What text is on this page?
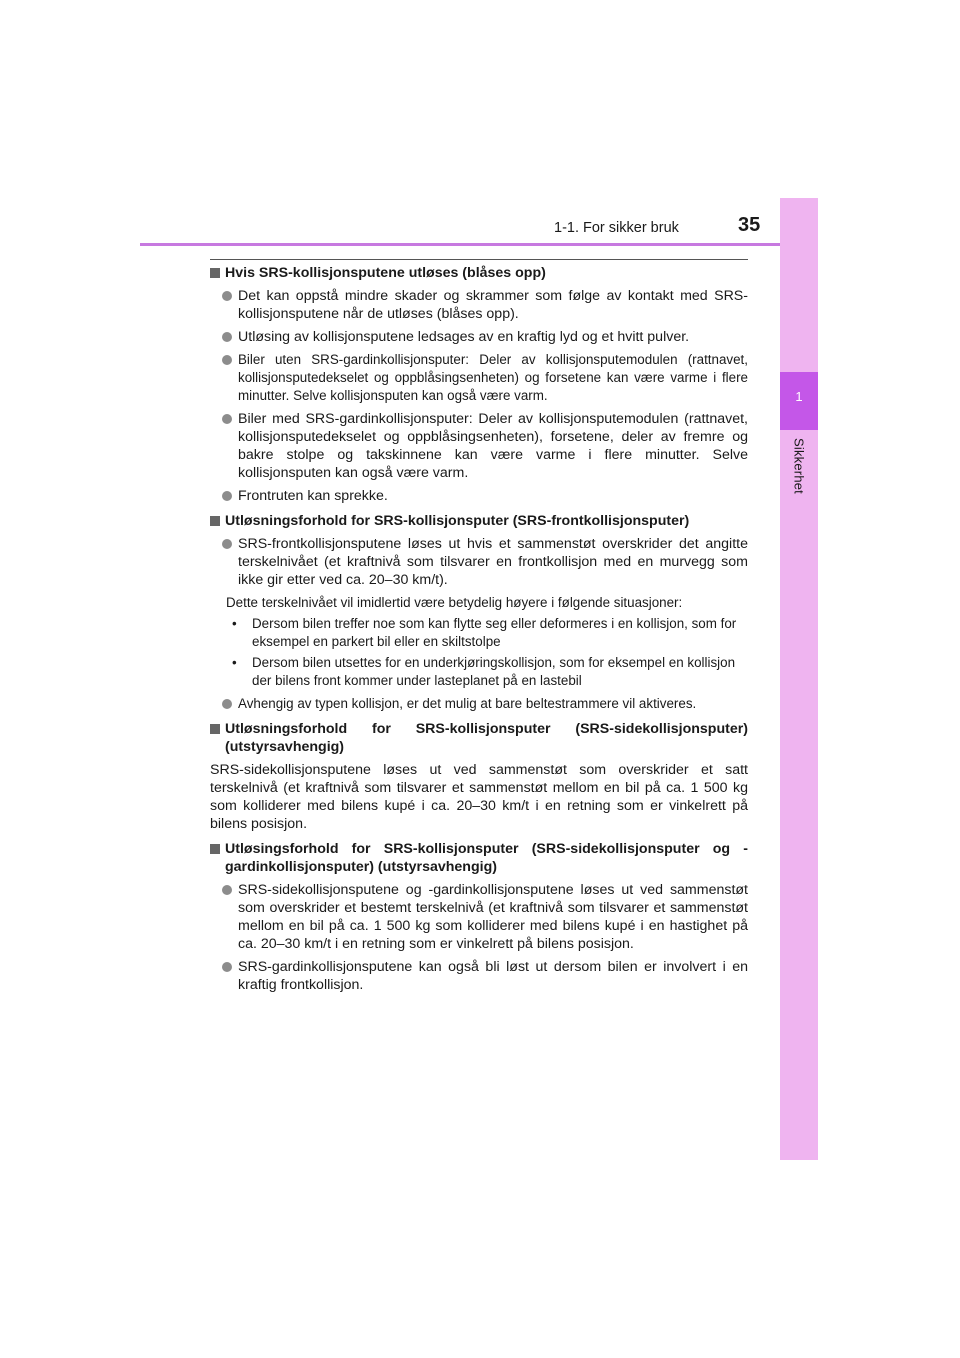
1
Sikkerhet
1-1. For sikker bruk	35
Hvis SRS-kollisjonsputene utløses (blåses opp)
Det kan oppstå mindre skader og skrammer som følge av kontakt med SRS-kollisjonsputene når de utløses (blåses opp).
Utløsing av kollisjonsputene ledsages av en kraftig lyd og et hvitt pulver.
Biler uten SRS-gardinkollisjonsputer: Deler av kollisjonsputemodulen (rattnavet, kollisjonsputedekselet og oppblåsingsenheten) og forsetene kan være varme i flere minutter. Selve kollisjonsputen kan også være varm.
Biler med SRS-gardinkollisjonsputer: Deler av kollisjonsputemodulen (rattnavet, kollisjonsputedekselet og oppblåsingsenheten), forsetene, deler av fremre og bakre stolpe og takskinnene kan være varme i flere minutter. Selve kollisjonsputen kan også være varm.
Frontruten kan sprekke.
Utløsningsforhold for SRS-kollisjonsputer (SRS-frontkollisjonsputer)
SRS-frontkollisjonsputene løses ut hvis et sammenstøt overskrider det angitte terskelnivået (et kraftnivå som tilsvarer en frontkollisjon med en murvegg som ikke gir etter ved ca. 20–30 km/t).
Dette terskelnivået vil imidlertid være betydelig høyere i følgende situasjoner:
• Dersom bilen treffer noe som kan flytte seg eller deformeres i en kollisjon, som for eksempel en parkert bil eller en skiltstolpe
• Dersom bilen utsettes for en underkjøringskollisjon, som for eksempel en kollisjon der bilens front kommer under lasteplanet på en lastebil
Avhengig av typen kollisjon, er det mulig at bare beltestrammere vil aktiveres.
Utløsningsforhold for SRS-kollisjonsputer (SRS-sidekollisjonsputer) (utstyrsavhengig)
SRS-sidekollisjonsputene løses ut ved sammenstøt som overskrider et satt terskelnivå (et kraftnivå som tilsvarer et sammenstøt mellom en bil på ca. 1 500 kg som kolliderer med bilens kupé i ca. 20–30 km/t i en retning som er vinkelrett på bilens posisjon.
Utløsingsforhold for SRS-kollisjonsputer (SRS-sidekollisjonsputer og -gardinkollisjonsputer) (utstyrsavhengig)
SRS-sidekollisjonsputene og -gardinkollisjonsputene løses ut ved sammenstøt som overskrider et bestemt terskelnivå (et kraftnivå som tilsvarer et sammenstøt mellom en bil på ca. 1 500 kg som kolliderer med bilens kupé i en hastighet på ca. 20–30 km/t i en retning som er vinkelrett på bilens posisjon.
SRS-gardinkollisjonsputene kan også bli løst ut dersom bilen er involvert i en kraftig frontkollisjon.
